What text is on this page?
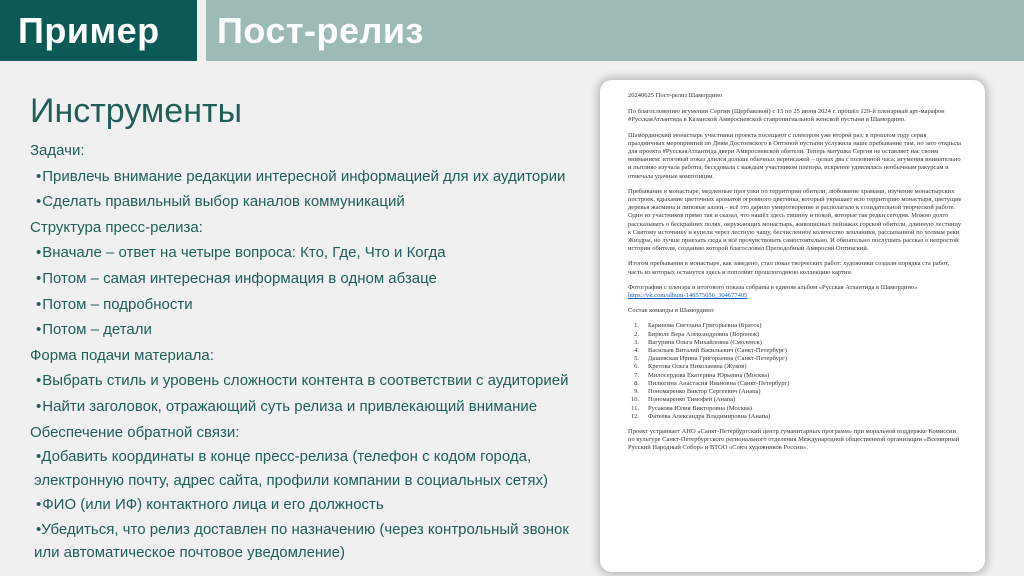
Пример Пост-релиз
Инструменты
Задачи:
•Привлечь внимание редакции интересной информацией для их аудитории
•Сделать правильный выбор каналов коммуникаций
Структура пресс-релиза:
•Вначале – ответ на четыре вопроса: Кто, Где, Что и Когда
•Потом – самая интересная информация в одном абзаце
•Потом – подробности
•Потом – детали
Форма подачи материала:
•Выбрать стиль и уровень сложности контента в соответствии с аудиторией
•Найти заголовок, отражающий суть релиза и привлекающий внимание
Обеспечение обратной связи:
•Добавить координаты в конце пресс-релиза (телефон с кодом города,
электронную почту, адрес сайта, профили компании в социальных сетях)
•ФИО (или ИФ) контактного лица и его должность
•Убедиться, что релиз доставлен по назначению (через контрольный звонок
или автоматическое почтовое уведомление)

20240625 Пост-релиз Шамордино

По благословению игумении Сергии (Щербаковой) с 15 по 25 июня 2024 г. прошёл 129-й пленэрный арт-марафон #РусскаяАтлантида в Казанской Амвросиевской ставропигиальной женской пустыни в Шамордино.

Шамординский монастырь участники проекта посещают с пленэром уже второй раз; в прошлом году серия праздничных мероприятий по Дням Достоевского в Оптиной пустыни услужила наше пребывание там, но зато открыла для проекта #РусскаяАтлантида двери Амвросиевской обители. Теперь матушка Сергия не оставляет нас своим вниманием: итоговый показ длился дольше обычных вернисажей – целых два с половиной часа; игумения внимательно и пытливо изучала работы, беседовала с каждым участником пленэра, искренне удивлялась необычным ракурсам и отмечала удачные композиции.

Пребывание в монастыре, медленные прогулки по территории обители, любование храмами, изучение монастырских построек, вдыхание цветочных ароматов огромного цветника, который украшает всю территорию монастыря, цветущие деревья жасмина и липовые аллеи – всё это дарило умиротворение и располагало к созидательной творческой работе. Один из участников прямо так и сказал, что нашёл здесь тишину и покой, которые так редки сегодня. Можно долго рассказывать о бескрайних полях, окружающих монастырь, живописных пейзажах горской обители, длинную лестницу к Святому источнику и купели через лестную чащу, бесчисленное количество земляники, рассыпанной по холмам реки Жиздры, но лучше приехать сюда и всё прочувствовать самостоятельно. И обязательно послушать рассказ о непростой истории обители, созданию которой благословил Преподобный Амвросий Оптинский.

Итогом пребывания в монастыре, как заведено, стал показ творческих работ: художники создали порядка ста работ, часть из которых останутся здесь и пополнят прошлогоднюю коллекцию картин.

Фотографии с пленэра и итогового показа собраны в едином альбом «Русская Атлантида в Шамордино» https://vk.com/album-140575656_304677405

Состав команды в Шамордино:

1. Баринова Светлана Григорьевна (Братск)
2. Бирюле Вера Александровна (Воронеж)
3. Вагурина Ольга Михайловна (Смоленск)
4. Васильев Виталий Васильевич (Санкт-Петербург)
5. Дашевская Ирина Григорьевна (Санкт-Петербург)
6. Кретова Ольга Николаевна (Жуков)
7. Милосердова Екатерина Юрьевна (Москва)
8. Пилюгина Анастасия Ивановна (Санкт-Петербург)
9. Пономаренко Виктор Сергеевич (Анапа)
10. Пономаренко Тимофей (Анапа)
11. Русакова Юлия Викторовна (Москва)
12. Фатеева Александра Владимировна (Анапа)

Проект устраивает АНО «Санкт-Петербургский центр гуманитарных программ» при моральной поддержке Комиссии по культуре Санкт-Петербургского регионального отделения Международной общественной организации «Всемирный Русский Народный Собор» и ВТОО «Союз художников России».
